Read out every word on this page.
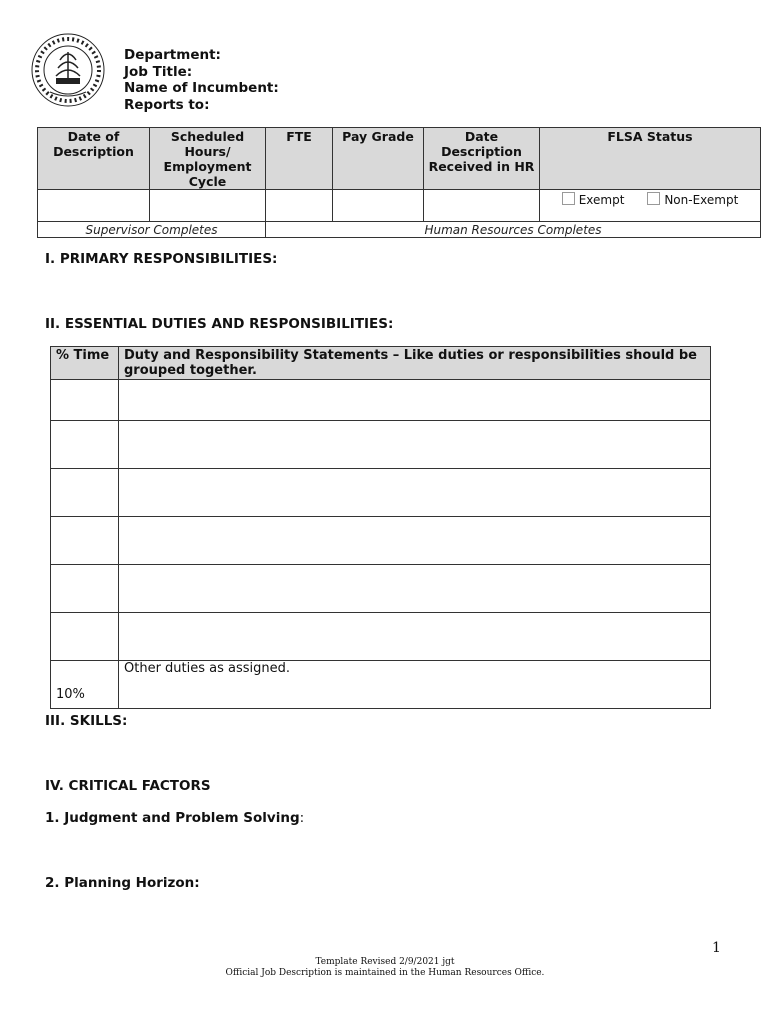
Department:
Job Title:
Name of Incumbent:
Reports to:
Date of Description	Scheduled Hours/ Employment Cycle	FTE	Pay Grade	Date Description Received in HR	FLSA Status
					Exempt Non-Exempt
Supervisor Completes		Human Resources Completes			
I. PRIMARY RESPONSIBILITIES:
II. ESSENTIAL DUTIES AND RESPONSIBILITIES:
% Time	Duty and Responsibility Statements – Like duties or responsibilities should be grouped together.

10%	Other duties as assigned.
III. SKILLS:
IV. CRITICAL FACTORS
1. Judgment and Problem Solving:
2. Planning Horizon:
1
Template Revised 2/9/2021 jgt
Official Job Description is maintained in the Human Resources Office.
